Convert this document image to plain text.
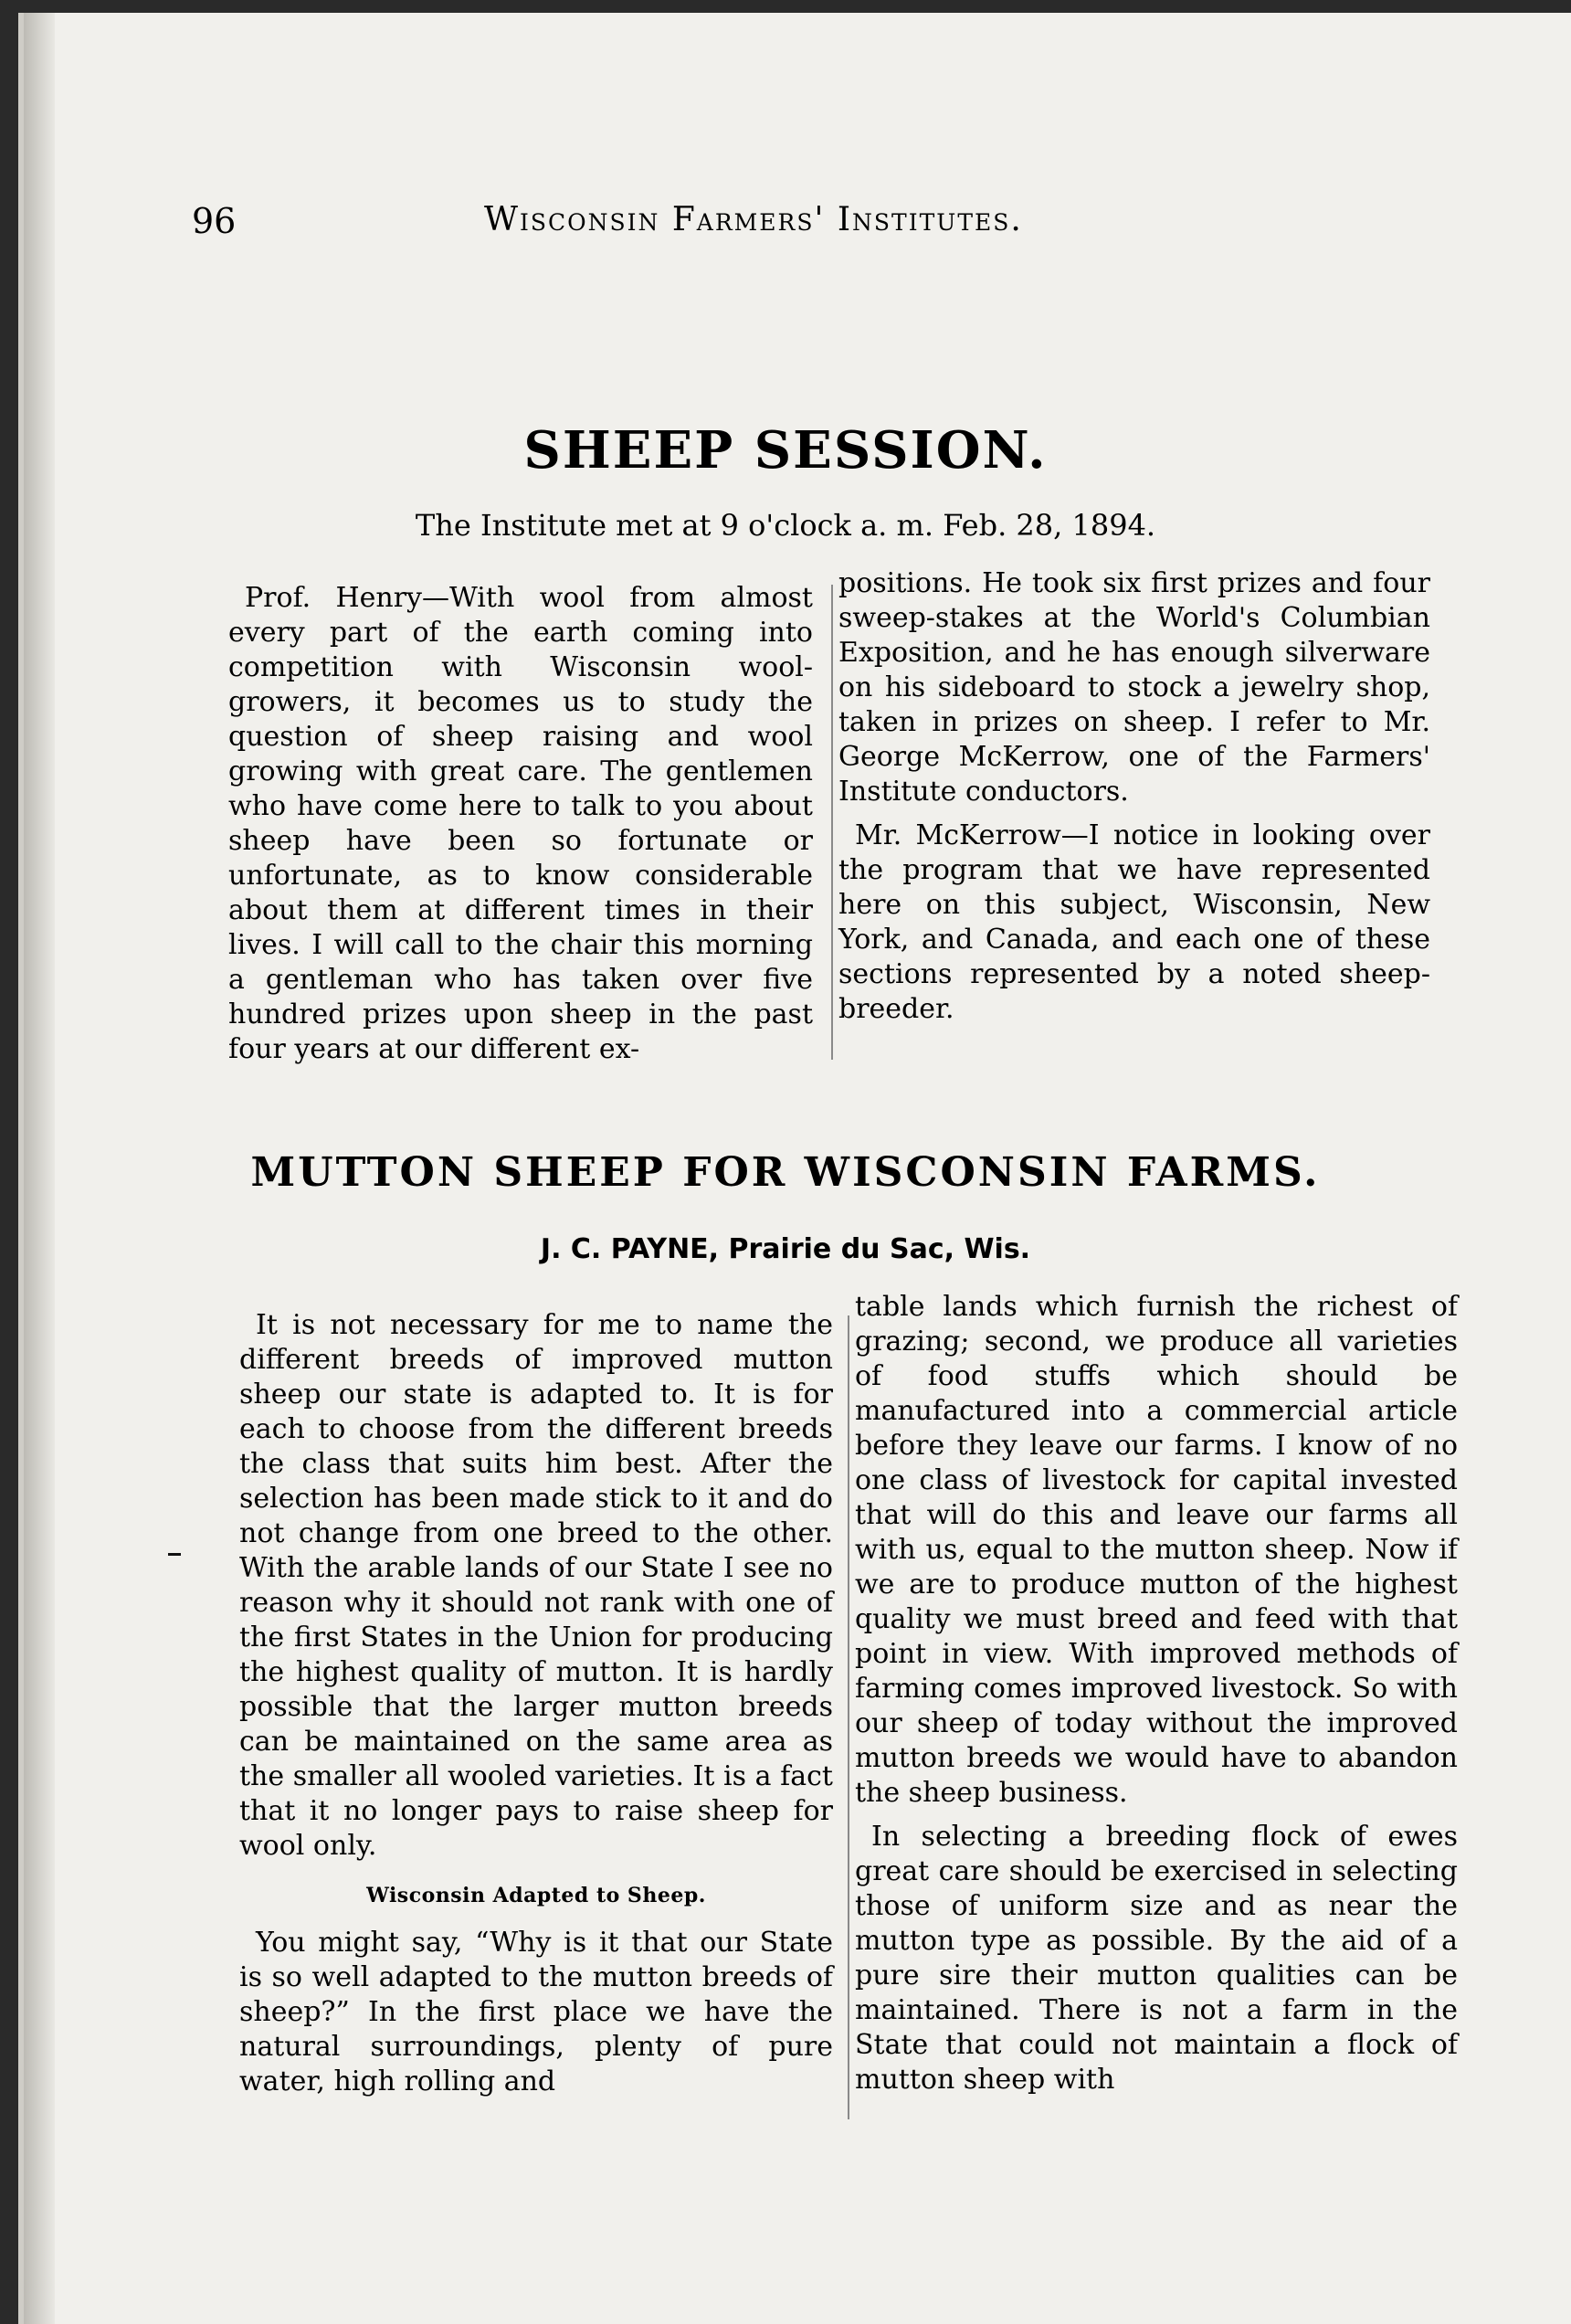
96	Wisconsin Farmers' Institutes.
SHEEP SESSION.
The Institute met at 9 o'clock a. m. Feb. 28, 1894.

Prof. Henry—With wool from almost every part of the earth coming into competition with Wisconsin wool-growers, it becomes us to study the question of sheep raising and wool growing with great care. The gentlemen who have come here to talk to you about sheep have been so fortunate or unfortunate, as to know considerable about them at different times in their lives. I will call to the chair this morning a gentleman who has taken over five hundred prizes upon sheep in the past four years at our different ex-

positions. He took six first prizes and four sweep-stakes at the World's Columbian Exposition, and he has enough silverware on his sideboard to stock a jewelry shop, taken in prizes on sheep. I refer to Mr. George McKerrow, one of the Farmers' Institute conductors.

Mr. McKerrow—I notice in looking over the program that we have represented here on this subject, Wisconsin, New York, and Canada, and each one of these sections represented by a noted sheep-breeder.

MUTTON SHEEP FOR WISCONSIN FARMS.
J. C. PAYNE, Prairie du Sac, Wis.

It is not necessary for me to name the different breeds of improved mutton sheep our state is adapted to. It is for each to choose from the different breeds the class that suits him best. After the selection has been made stick to it and do not change from one breed to the other. With the arable lands of our State I see no reason why it should not rank with one of the first States in the Union for producing the highest quality of mutton. It is hardly possible that the larger mutton breeds can be maintained on the same area as the smaller all wooled varieties. It is a fact that it no longer pays to raise sheep for wool only.

Wisconsin Adapted to Sheep.

You might say, “Why is it that our State is so well adapted to the mutton breeds of sheep?” In the first place we have the natural surroundings, plenty of pure water, high rolling and

table lands which furnish the richest of grazing; second, we produce all varieties of food stuffs which should be manufactured into a commercial article before they leave our farms. I know of no one class of livestock for capital invested that will do this and leave our farms all with us, equal to the mutton sheep. Now if we are to produce mutton of the highest quality we must breed and feed with that point in view. With improved methods of farming comes improved livestock. So with our sheep of today without the improved mutton breeds we would have to abandon the sheep business.

In selecting a breeding flock of ewes great care should be exercised in selecting those of uniform size and as near the mutton type as possible. By the aid of a pure sire their mutton qualities can be maintained. There is not a farm in the State that could not maintain a flock of mutton sheep with
